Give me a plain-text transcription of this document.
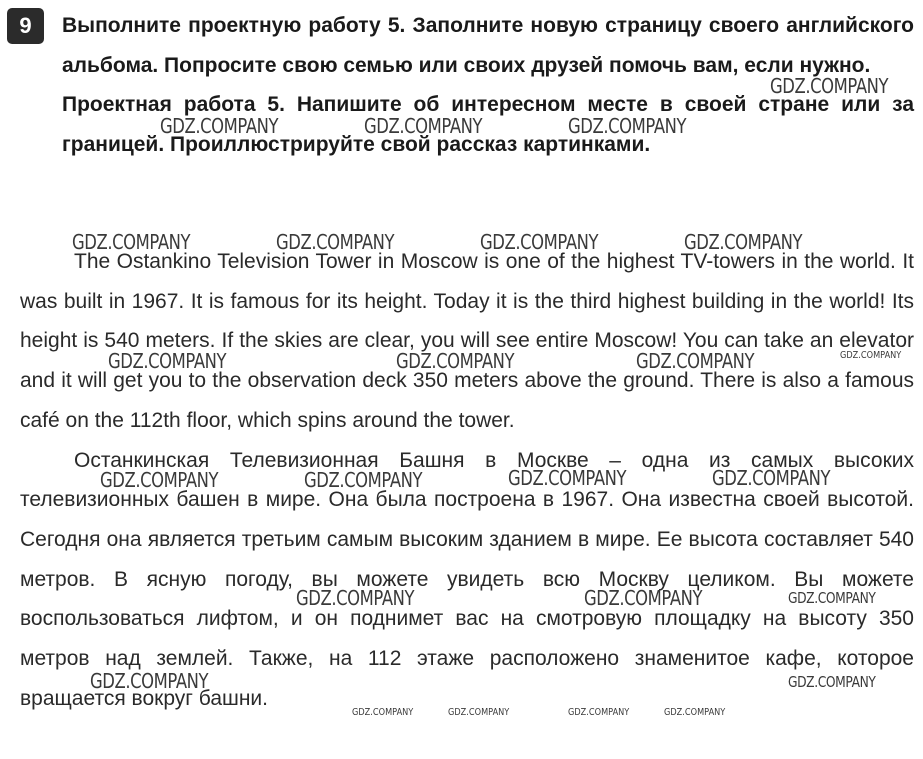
9	Выполните проектную работу 5. Заполните новую страницу своего английского альбома. Попросите свою семью или своих друзей помочь вам, если нужно.

Проектная работа 5. Напишите об интересном месте в своей стране или за границей. Проиллюстрируйте свой рассказ картинками.

The Ostankino Television Tower in Moscow is one of the highest TV-towers in the world. It was built in 1967. It is famous for its height. Today it is the third highest building in the world! Its height is 540 meters. If the skies are clear, you will see entire Moscow! You can take an elevator and it will get you to the observation deck 350 meters above the ground. There is also a famous café on the 112th floor, which spins around the tower.

Останкинская Телевизионная Башня в Москве – одна из самых высоких телевизионных башен в мире. Она была построена в 1967. Она известна своей высотой. Сегодня она является третьим самым высоким зданием в мире. Ее высота составляет 540 метров. В ясную погоду, вы можете увидеть всю Москву целиком. Вы можете воспользоваться лифтом, и он поднимет вас на смотровую площадку на высоту 350 метров над землей. Также, на 112 этаже расположено знаменитое кафе, которое вращается вокруг башни.

GDZ.COMPANY
GDZ.COMPANY	GDZ.COMPANY	GDZ.COMPANY
GDZ.COMPANY	GDZ.COMPANY	GDZ.COMPANY	GDZ.COMPANY
GDZ.COMPANY	GDZ.COMPANY	GDZ.COMPANY	GDZ.COMPANY
GDZ.COMPANY	GDZ.COMPANY	GDZ.COMPANY	GDZ.COMPANY
GDZ.COMPANY	GDZ.COMPANY	GDZ.COMPANY
GDZ.COMPANY	GDZ.COMPANY
GDZ.COMPANY	GDZ.COMPANY	GDZ.COMPANY	GDZ.COMPANY
